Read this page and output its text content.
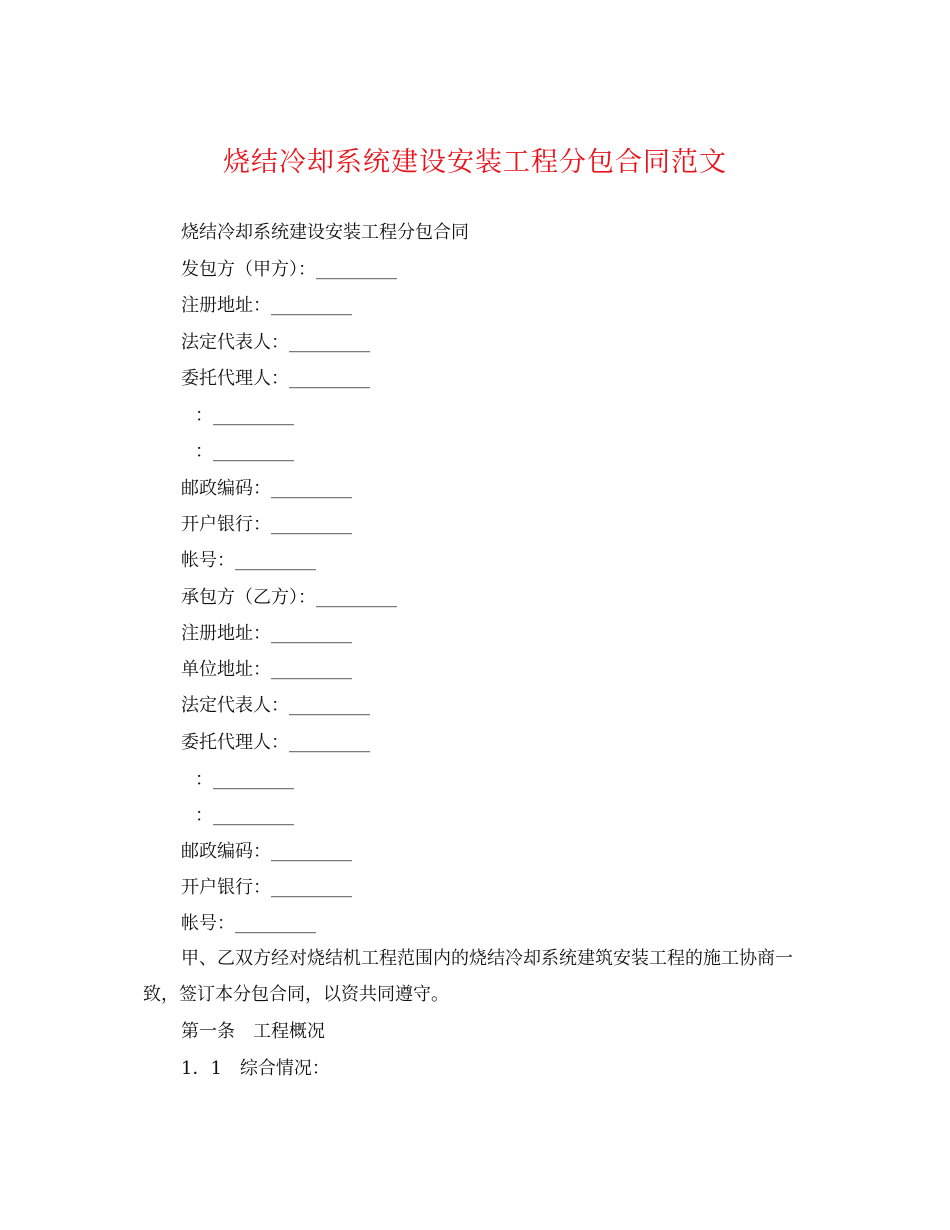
烧结冷却系统建设安装工程分包合同范文
烧结冷却系统建设安装工程分包合同
发包方（甲方）：_________
注册地址：_________
法定代表人：_________
委托代理人：_________
：_________
：_________
邮政编码：_________
开户银行：_________
帐号：_________
承包方（乙方）：_________
注册地址：_________
单位地址：_________
法定代表人：_________
委托代理人：_________
：_________
：_________
邮政编码：_________
开户银行：_________
帐号：_________
甲、乙双方经对烧结机工程范围内的烧结冷却系统建筑安装工程的施工协商一致，签订本分包合同，以资共同遵守。
第一条　工程概况
1．1　综合情况：
